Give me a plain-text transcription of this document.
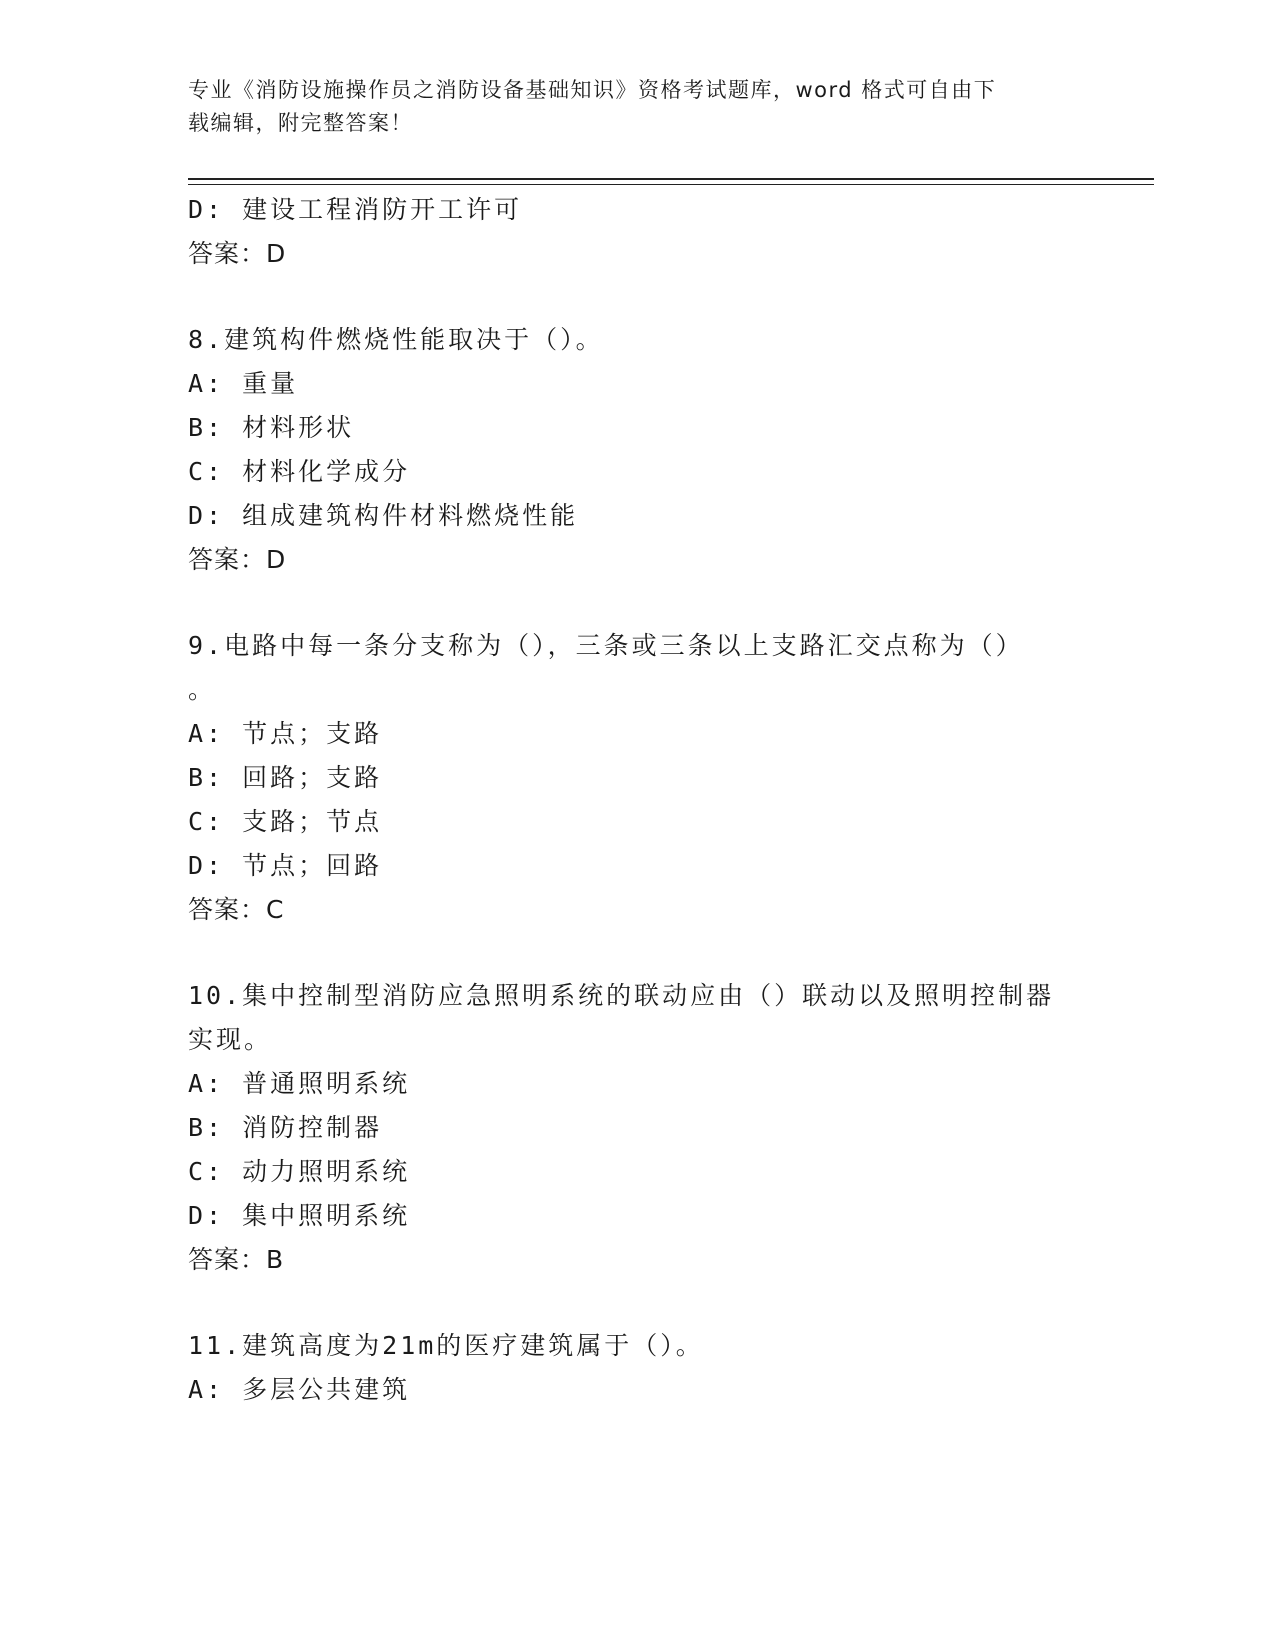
专业《消防设施操作员之消防设备基础知识》资格考试题库，word 格式可自由下
载编辑，附完整答案！
D: 建设工程消防开工许可
答案：D
8.建筑构件燃烧性能取决于（）。
A: 重量
B: 材料形状
C: 材料化学成分
D: 组成建筑构件材料燃烧性能
答案：D
9.电路中每一条分支称为（），三条或三条以上支路汇交点称为（）
。
A: 节点；支路
B: 回路；支路
C: 支路；节点
D: 节点；回路
答案：C
10.集中控制型消防应急照明系统的联动应由（）联动以及照明控制器
实现。
A: 普通照明系统
B: 消防控制器
C: 动力照明系统
D: 集中照明系统
答案：B
11.建筑高度为21m的医疗建筑属于（）。
A: 多层公共建筑
